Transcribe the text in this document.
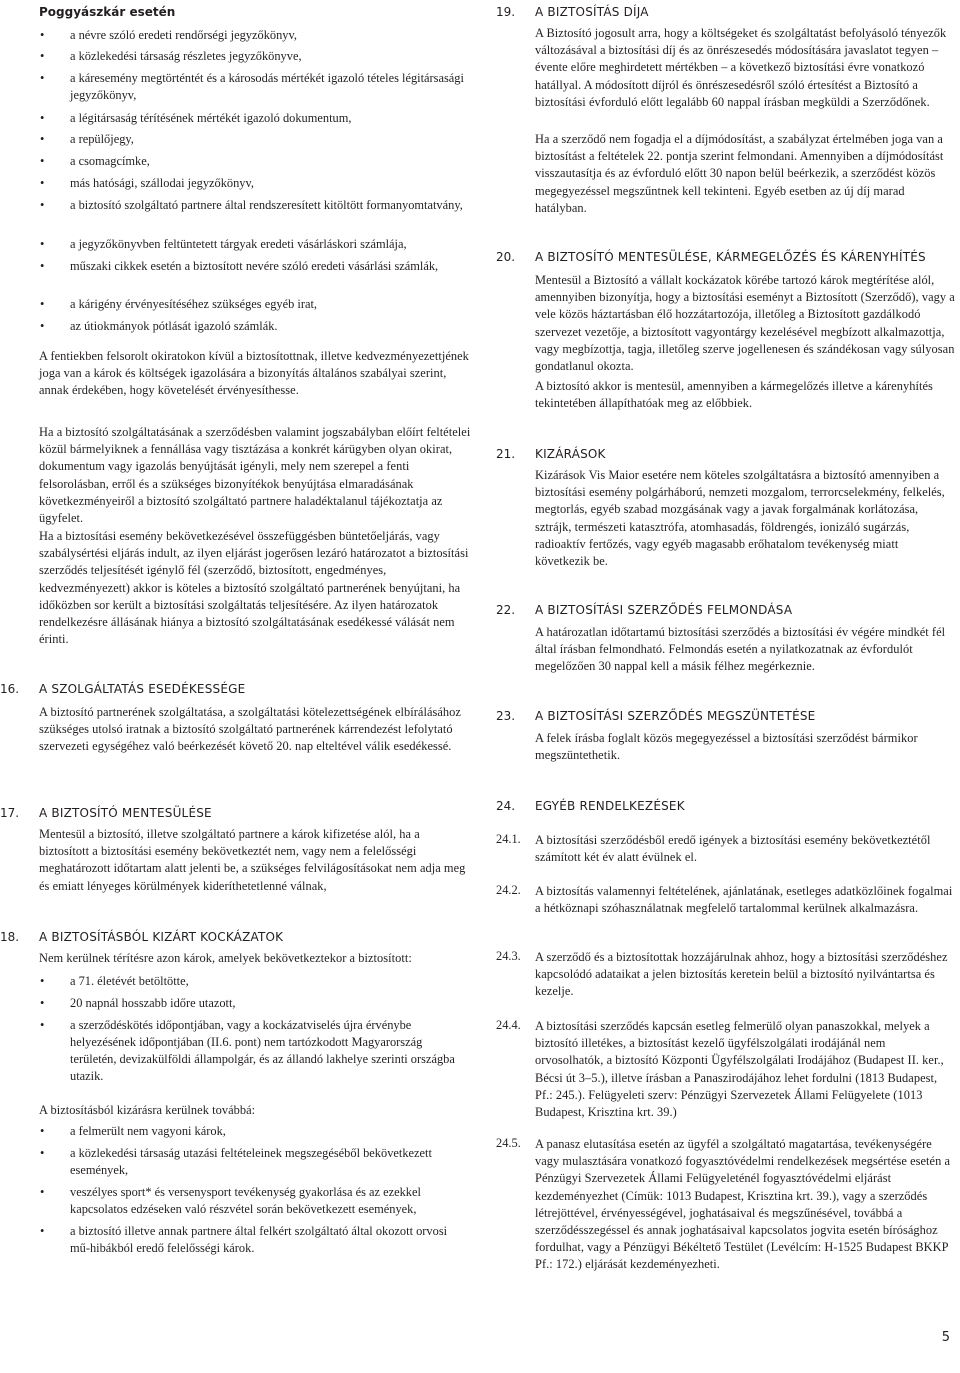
Poggyászkár esetén
• a névre szóló eredeti rendőrségi jegyzőkönyv,
• a közlekedési társaság részletes jegyzőkönyve,
• a káresemény megtörténtét és a károsodás mértékét igazoló tételes légitársasági jegyzőkönyv,
• a légitársaság térítésének mértékét igazoló dokumentum,
• a repülőjegy,
• a csomagcímke,
• más hatósági, szállodai jegyzőkönyv,
• a biztosító szolgáltató partnere által rendszeresített kitöltött formanyomtatvány,
• a jegyzőkönyvben feltüntetett tárgyak eredeti vásárláskori számlája,
• műszaki cikkek esetén a biztosított nevére szóló eredeti vásárlási számlák,
• a kárigény érvényesítéséhez szükséges egyéb irat,
• az útiokmányok pótlását igazoló számlák.
A fentiekben felsorolt okiratokon kívül a biztosítottnak, illetve kedvezményezettjének joga van a károk és költségek igazolására a bizonyítás általános szabályai szerint, annak érdekében, hogy követelését érvényesíthesse.
Ha a biztosító szolgáltatásának a szerződésben valamint jogszabályban előírt feltételei közül bármelyiknek a fennállása vagy tisztázása a konkrét kárügyben olyan okirat, dokumentum vagy igazolás benyújtását igényli, mely nem szerepel a fenti felsorolásban, erről és a szükséges bizonyítékok benyújtása elmaradásának következményeiről a biztosító szolgáltató partnere haladéktalanul tájékoztatja az ügyfelet.
Ha a biztosítási esemény bekövetkezésével összefüggésben büntetőeljárás, vagy szabálysértési eljárás indult, az ilyen eljárást jogerősen lezáró határozatot a biztosítási szerződés teljesítését igénylő fél (szerződő, biztosított, engedményes, kedvezményezett) akkor is köteles a biztosító szolgáltató partnerének benyújtani, ha időközben sor került a biztosítási szolgáltatás teljesítésére. Az ilyen határozatok rendelkezésre állásának hiánya a biztosító szolgáltatásának esedékessé válását nem érinti.
16. A SZOLGÁLTATÁS ESEDÉKESSÉGE
A biztosító partnerének szolgáltatása, a szolgáltatási kötelezettségének elbírálásához szükséges utolsó iratnak a biztosító szolgáltató partnerének kárrendezést lefolytató szervezeti egységéhez való beérkezését követő 20. nap elteltével válik esedékessé.
17. A BIZTOSÍTÓ MENTESÜLÉSE
Mentesül a biztosító, illetve szolgáltató partnere a károk kifizetése alól, ha a biztosított a biztosítási esemény bekövetkeztét nem, vagy nem a felelősségi meghatározott időtartam alatt jelenti be, a szükséges felvilágosításokat nem adja meg és emiatt lényeges körülmények kideríthetetlenné válnak,
18. A BIZTOSÍTÁSBÓL KIZÁRT KOCKÁZATOK
Nem kerülnek térítésre azon károk, amelyek bekövetkeztekor a biztosított:
• a 71. életévét betöltötte,
• 20 napnál hosszabb időre utazott,
• a szerződéskötés időpontjában, vagy a kockázatviselés újra érvénybe helyezésének időpontjában (II.6. pont) nem tartózkodott Magyarország területén, devizakülföldi állampolgár, és az állandó lakhelye szerinti országba utazik.
A biztosításból kizárásra kerülnek továbbá:
• a felmerült nem vagyoni károk,
• a közlekedési társaság utazási feltételeinek megszegéséből bekövetkezett események,
• veszélyes sport* és versenysport tevékenység gyakorlása és az ezekkel kapcsolatos edzéseken való részvétel során bekövetkezett események,
• a biztosító illetve annak partnere által felkért szolgáltató által okozott orvosi mű-hibákból eredő felelősségi károk.
19. A BIZTOSÍTÁS DÍJA
A Biztosító jogosult arra, hogy a költségeket és szolgáltatást befolyásoló tényezők változásával a biztosítási díj és az önrészesedés módosítására javaslatot tegyen – évente előre meghirdetett mértékben – a következő biztosítási évre vonatkozó hatállyal. A módosított díjról és önrészesedésről szóló értesítést a Biztosító a biztosítási évforduló előtt legalább 60 nappal írásban megküldi a Szerződőnek.
Ha a szerződő nem fogadja el a díjmódosítást, a szabályzat értelmében joga van a biztosítást a feltételek 22. pontja szerint felmondani. Amennyiben a díjmódosítást visszautasítja és az évforduló előtt 30 napon belül beérkezik, a szerződést közös megegyezéssel megszűntnek kell tekinteni. Egyéb esetben az új díj marad hatályban.
20. A BIZTOSÍTÓ MENTESÜLÉSE, KÁRMEGELŐZÉS ÉS KÁRENYHÍTÉS
Mentesül a Biztosító a vállalt kockázatok körébe tartozó károk megtérítése alól, amennyiben bizonyítja, hogy a biztosítási eseményt a Biztosított (Szerződő), vagy a vele közös háztartásban élő hozzátartozója, illetőleg a Biztosított gazdálkodó szervezet vezetője, a biztosított vagyontárgy kezelésével megbízott alkalmazottja, vagy megbízottja, tagja, illetőleg szerve jogellenesen és szándékosan vagy súlyosan gondatlanul okozta.
A biztosító akkor is mentesül, amennyiben a kármegelőzés illetve a kárenyhítés tekintetében állapíthatóak meg az előbbiek.
21. KIZÁRÁSOK
Kizárások Vis Maior esetére nem köteles szolgáltatásra a biztosító amennyiben a biztosítási esemény polgárháború, nemzeti mozgalom, terrorcselekmény, felkelés, megtorlás, egyéb szabad mozgásának vagy a javak forgalmának korlátozása, sztrájk, természeti katasztrófa, atomhasadás, földrengés, ionizáló sugárzás, radioaktív fertőzés, vagy egyéb magasabb erőhatalom tevékenység miatt következik be.
22. A BIZTOSÍTÁSI SZERZŐDÉS FELMONDÁSA
A határozatlan időtartamú biztosítási szerződés a biztosítási év végére mindkét fél által írásban felmondható. Felmondás esetén a nyilatkozatnak az évfordulót megelőzően 30 nappal kell a másik félhez megérkeznie.
23. A BIZTOSÍTÁSI SZERZŐDÉS MEGSZÜNTETÉSE
A felek írásba foglalt közös megegyezéssel a biztosítási szerződést bármikor megszüntethetik.
24. EGYÉB RENDELKEZÉSEK
24.1. A biztosítási szerződésből eredő igények a biztosítási esemény bekövetkeztétől számított két év alatt évülnek el.
24.2. A biztosítás valamennyi feltételének, ajánlatának, esetleges adatközlőinek fogalmai a hétköznapi szóhasználatnak megfelelő tartalommal kerülnek alkalmazásra.
24.3. A szerződő és a biztosítottak hozzájárulnak ahhoz, hogy a biztosítási szerződéshez kapcsolódó adataikat a jelen biztosítás keretein belül a biztosító nyilvántartsa és kezelje.
24.4. A biztosítási szerződés kapcsán esetleg felmerülő olyan panaszokkal, melyek a biztosító illetékes, a biztosítást kezelő ügyfélszolgálati irodájánál nem orvosolhatók, a biztosító Központi Ügyfélszolgálati Irodájához (Budapest II. ker., Bécsi út 3–5.), illetve írásban a Panaszirodájához lehet fordulni (1813 Budapest, Pf.: 245.). Felügyeleti szerv: Pénzügyi Szervezetek Állami Felügyelete (1013 Budapest, Krisztina krt. 39.)
24.5. A panasz elutasítása esetén az ügyfél a szolgáltató magatartása, tevékenységére vagy mulasztására vonatkozó fogyasztóvédelmi rendelkezések megsértése esetén a Pénzügyi Szervezetek Állami Felügyeleténél fogyasztóvédelmi eljárást kezdeményezhet (Címük: 1013 Budapest, Krisztina krt. 39.), vagy a szerződés létrejöttével, érvényességével, joghatásaival és megszűnésével, továbbá a szerződésszegéssel és annak joghatásaival kapcsolatos jogvita esetén bírósághoz fordulhat, vagy a Pénzügyi Békéltető Testület (Levélcím: H-1525 Budapest BKKP Pf.: 172.) eljárását kezdeményezheti.
5
